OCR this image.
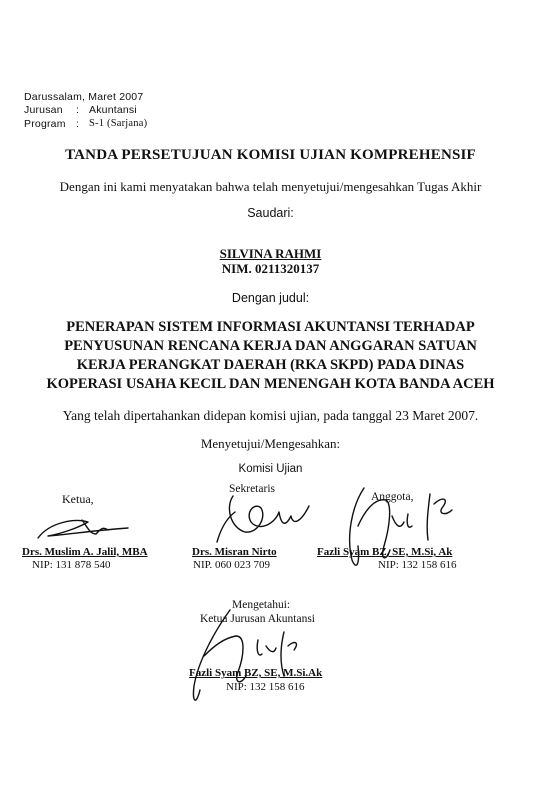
Darussalam, Maret 2007
Jurusan : Akuntansi
Program : S-1 (Sarjana)
TANDA PERSETUJUAN KOMISI UJIAN KOMPREHENSIF
Dengan ini kami menyatakan bahwa telah menyetujui/mengesahkan Tugas Akhir
Saudari:
SILVINA RAHMI
NIM. 0211320137
Dengan judul:
PENERAPAN SISTEM INFORMASI AKUNTANSI TERHADAP
PENYUSUNAN RENCANA KERJA DAN ANGGARAN SATUAN
KERJA PERANGKAT DAERAH (RKA SKPD) PADA DINAS
KOPERASI USAHA KECIL DAN MENENGAH KOTA BANDA ACEH
Yang telah dipertahankan didepan komisi ujian, pada tanggal 23 Maret 2007.
Menyetujui/Mengesahkan:
Komisi Ujian
Ketua,
Drs. Muslim A. Jalil, MBA
NIP: 131 878 540
Sekretaris
Drs. Misran Nirto
NIP. 060 023 709
Anggota,
Fazli Syam BZ, SE, M.Si, Ak
NIP: 132 158 616
Mengetahui:
Ketua Jurusan Akuntansi
Fazli Syam BZ, SE, M.Si.Ak
NIP: 132 158 616
